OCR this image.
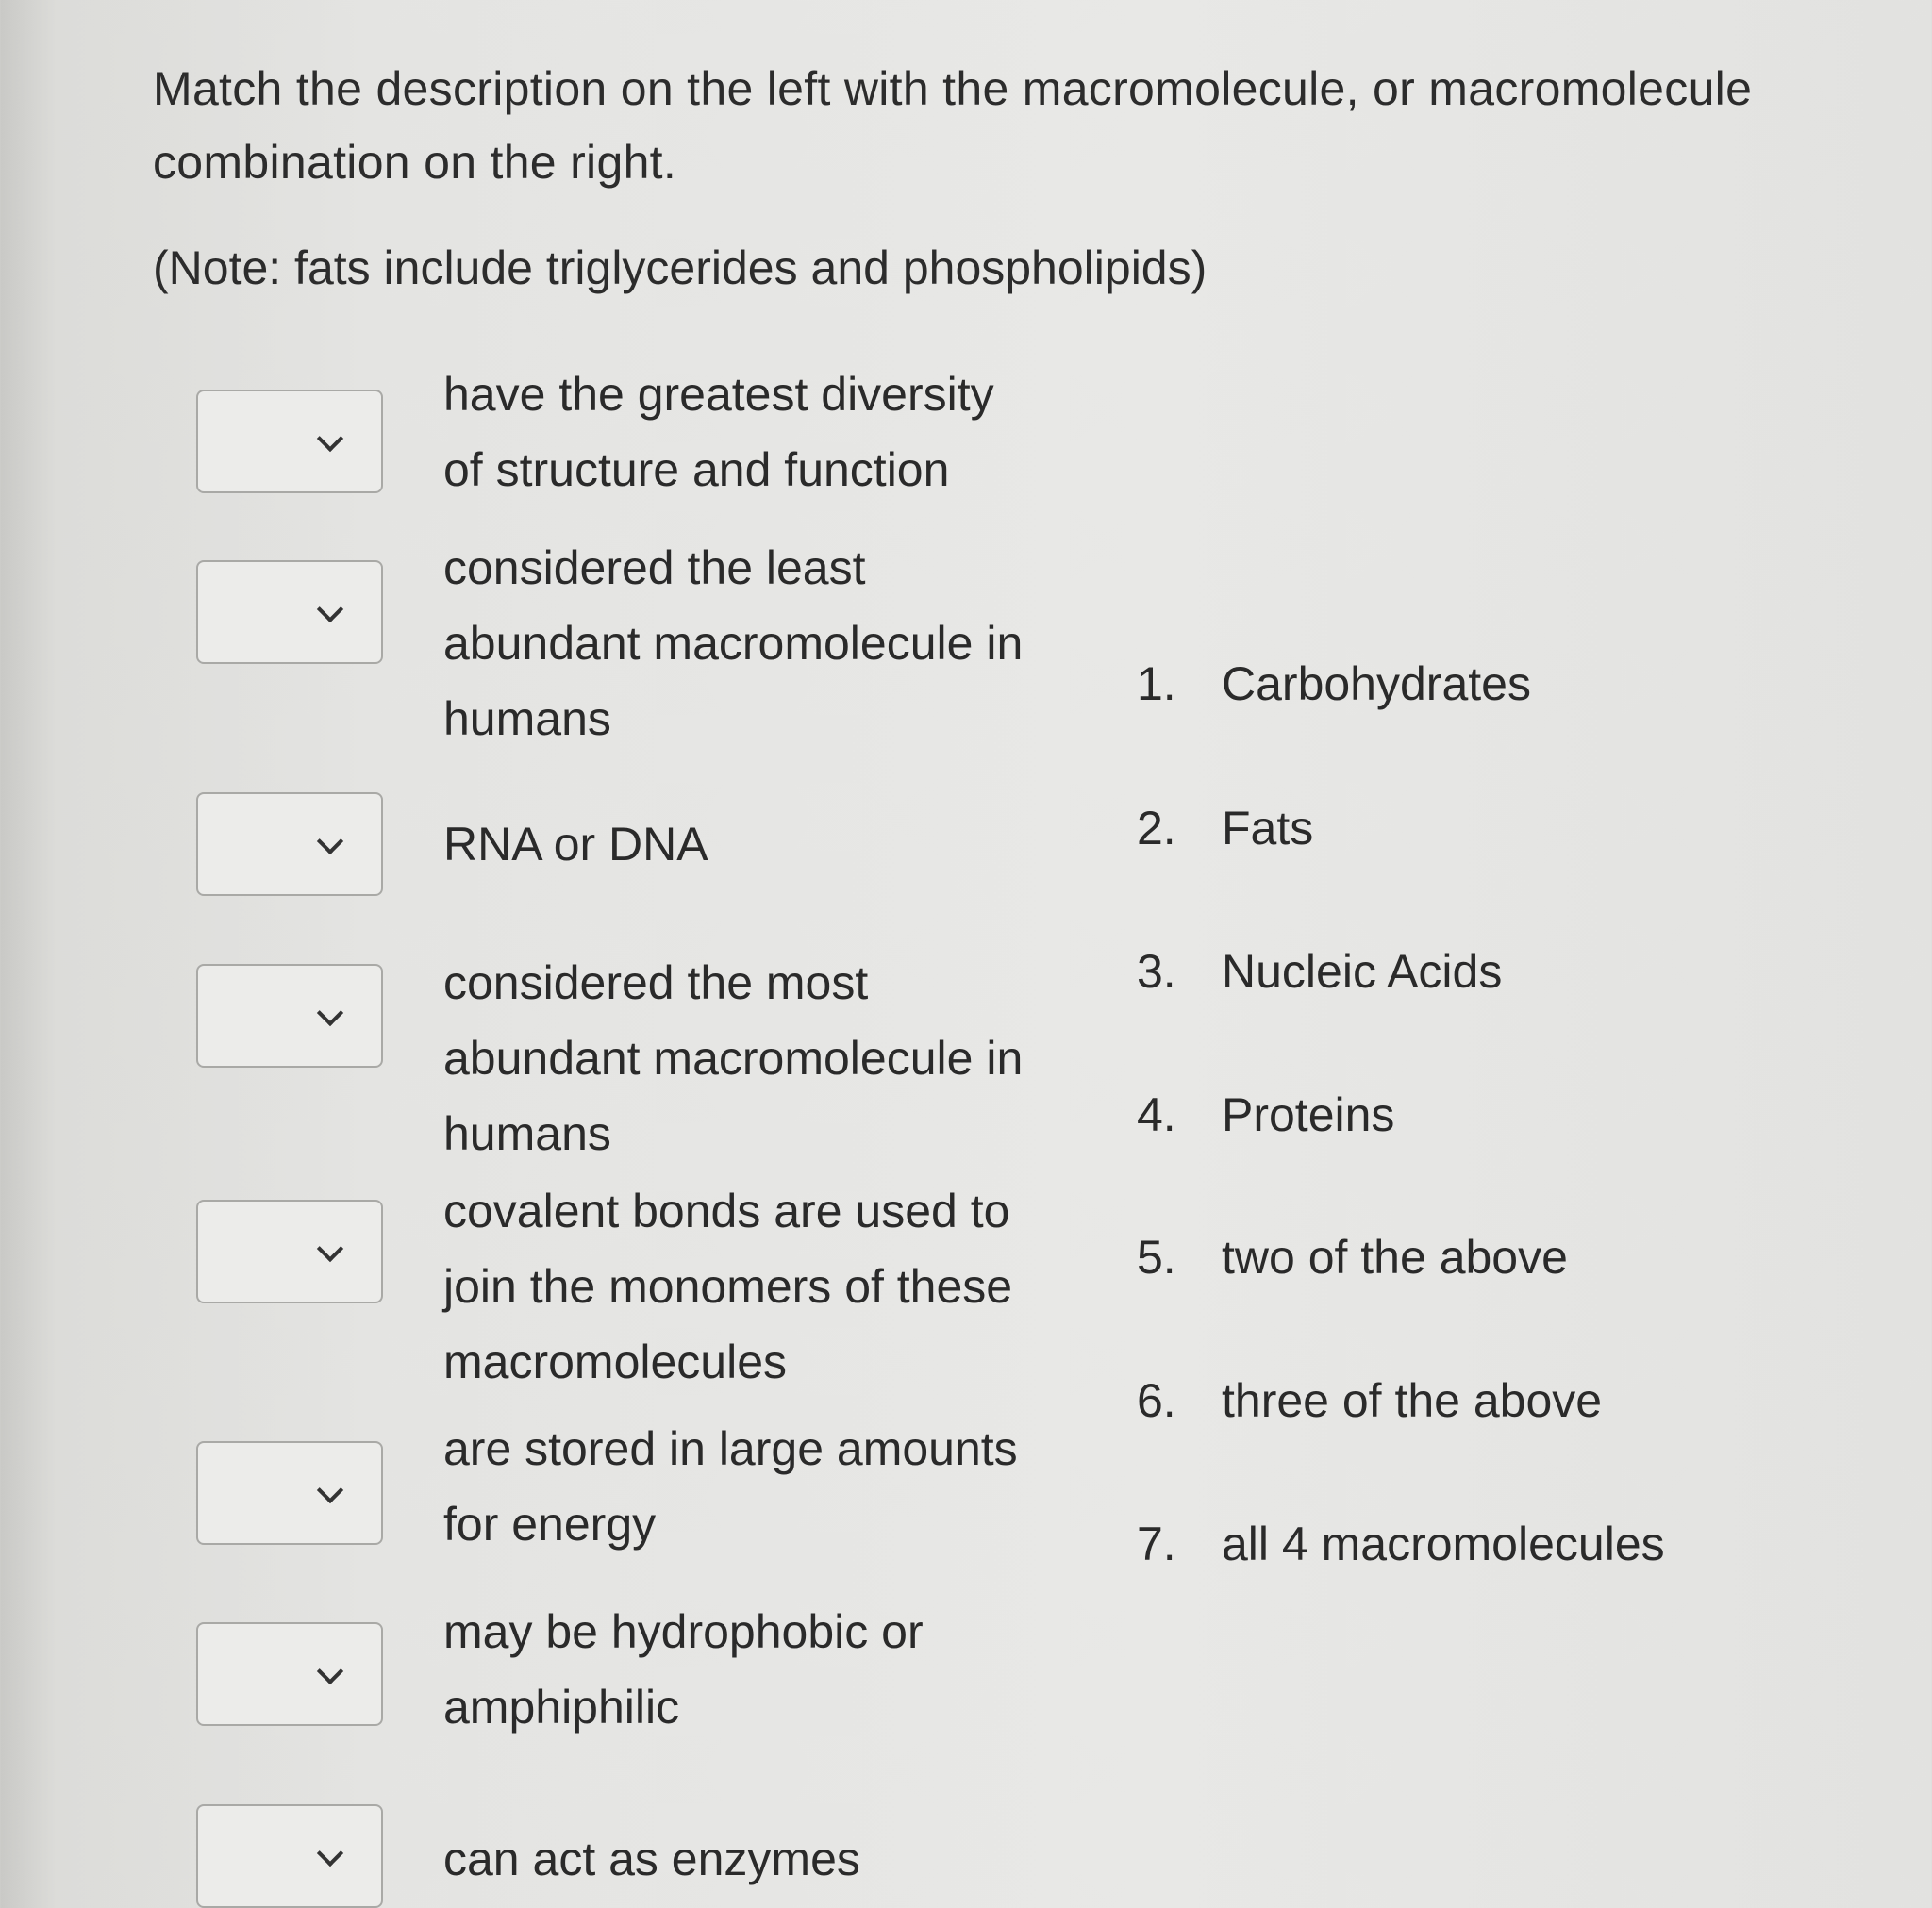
Match the description on the left with the macromolecule, or macromolecule
combination on the right.
(Note: fats include triglycerides and phospholipids)
have the greatest diversity
of structure and function
considered the least
abundant macromolecule in
humans
RNA or DNA
considered the most
abundant macromolecule in
humans
covalent bonds are used to
join the monomers of these
macromolecules
are stored in large amounts
for energy
may be hydrophobic or
amphiphilic
can act as enzymes
1. Carbohydrates
2. Fats
3. Nucleic Acids
4. Proteins
5. two of the above
6. three of the above
7. all 4 macromolecules
